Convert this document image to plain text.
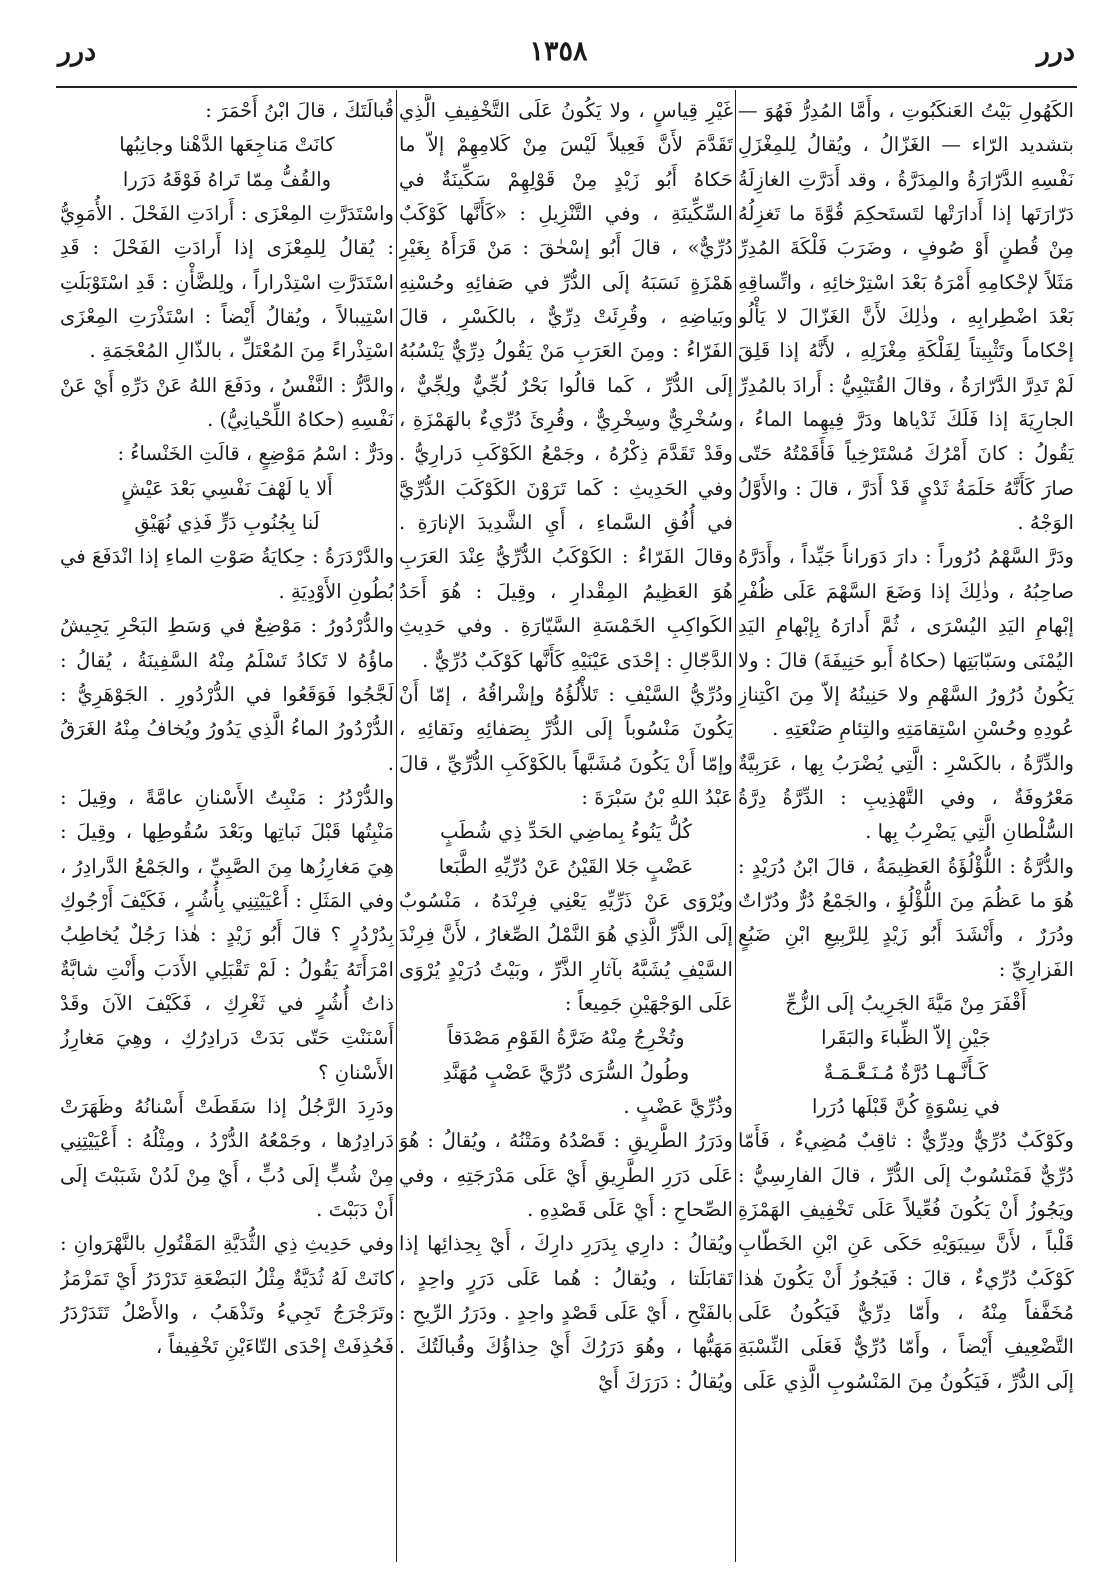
درر
١٣٥٨
درر

الكَهُولِ بَيْتُ العَنكَبُوتِ ، وأَمَّا المُدِرُّ فَهُوَ — بتشديد الرّاء — الغَزّالُ ، ويُقالُ لِلمِغْزَلِ نَفْسِهِ الدَّرّارَةُ والمِدَرَّةُ ، وقد أَدَرَّتِ الغازِلَةُ دَرّارَتَها إذا أَدارَتْها لتَستَحكِمَ قُوَّةَ ما تَغزِلُهُ مِنْ قُطنٍ أَوْ صُوفٍ ، وضَرَبَ فَلْكَةَ المُدِرِّ مَثَلاً لإحْكامِهِ أَمْرَهُ بَعْدَ اسْتِرْخائِهِ ، واتِّساقِهِ بَعْدَ اضْطِرابِهِ ، وذٰلِكَ لأَنَّ الغَزّالَ لا يَأْلُو إحْكاماً وتَثْبِيتاً لِفَلْكَةِ مِغْزَلِهِ ، لأَنَّهُ إذا قَلِقَ لَمْ تَدِرَّ الدَّرّارَةُ ، وقالَ القُتَيْبِيُّ : أَرادَ بالمُدِرِّ الجارِيَةَ إذا فَلَكَ ثَدْياها ودَرَّ فِيهِما الماءُ ، يَقُولُ : كانَ أَمْرُكَ مُسْتَرْخِياً فَأَقَمْتُهُ حَتّى صارَ كَأَنَّهُ حَلَمَةُ ثَدْيٍ قَدْ أَدَرَّ ، قالَ : والأَوَّلُ الوَجْهُ .

ودَرَّ السَّهْمُ دُرُوراً : دارَ دَوَراناً جَيِّداً ، وأَدَرَّهُ صاحِبُهُ ، وذٰلِكَ إذا وَضَعَ السَّهْمَ عَلَى ظُفْرِ إبْهامِ اليَدِ اليُسْرَى ، ثُمَّ أَدارَهُ بِإبْهامِ اليَدِ اليُمْنَى وسَبّابَتِها (حكاهُ أَبو حَنِيفَةَ) قالَ : ولا يَكُونُ دُرُورُ السَّهْمِ ولا حَنِينُهُ إلاّ مِنَ اكْتِنازِ عُودِهِ وحُسْنِ اسْتِقامَتِهِ والتِئامِ صَنْعَتِهِ .

والدِّرَّةُ ، بالكَسْرِ : الَّتِي يُضْرَبُ بِها ، عَرَبِيَّةٌ مَعْرُوفَةٌ ، وفي التَّهْذِيبِ : الدِّرَّةُ دِرَّةُ السُّلْطانِ الَّتِي يَضْرِبُ بِها .

والدُّرَّةُ : اللُّؤْلُؤَةُ العَظِيمَةُ ، قالَ ابْنُ دُرَيْدٍ : هُوَ ما عَظُمَ مِنَ اللُّؤْلُؤِ ، والجَمْعُ دُرٌّ ودُرّاتٌ ودُرَرٌ ، وأَنْشَدَ أَبُو زَيْدٍ لِلرَّبِيعِ ابْنِ ضَبُعٍ الفَزارِيِّ :

أَقْفَرَ مِنْ مَيَّةَ الجَرِيبُ إلَى الزُّجِّ

جَيْنِ إلاّ الظِّباءَ والبَقَرا

كَـأَنَّـهـا دُرَّةٌ مُـنَـعَّـمَـةٌ

في نِسْوَةٍ كُنَّ قَبْلَها دُرَرا

وكَوْكَبٌ دُرِّيٌّ ودِرِّيٌّ : ثاقِبٌ مُضِيءٌ ، فَأَمّا دُرِّيٌّ فَمَنْسُوبٌ إلَى الدُّرِّ ، قالَ الفارِسِيُّ : ويَجُوزُ أَنْ يَكُونَ فُعِّيلاً عَلَى تَخْفِيفِ الهَمْزَةِ قَلْباً ، لأَنَّ سِيبَوَيْهِ حَكَى عَنِ ابْنِ الخَطّابِ كَوْكَبٌ دُرِّيءٌ ، قالَ : فَيَجُوزُ أَنْ يَكُونَ هٰذا مُخَفَّفاً مِنْهُ ، وأَمّا دِرِّيٌّ فَيَكُونُ عَلَى التَّضْعِيفِ أَيْضاً ، وأَمّا دُرِّيٌّ فَعَلَى النِّسْبَةِ إلَى الدُّرِّ ، فَيَكُونُ مِنَ المَنْسُوبِ الَّذِي عَلَى

غَيْرِ قِياسٍ ، ولا يَكُونُ عَلَى التَّخْفِيفِ الَّذِي تَقَدَّمَ لأَنَّ فَعِيلاً لَيْسَ مِنْ كَلامِهِمْ إلاّ ما حَكاهُ أَبُو زَيْدٍ مِنْ قَوْلِهِمْ سَكِّينَةٌ في السِّكِّينَةِ ، وفي التَّنْزِيلِ : «كَأَنَّها كَوْكَبٌ دُرِّيٌّ» ، قالَ أَبُو إسْحٰقَ : مَنْ قَرَأَهُ بِغَيْرِ هَمْزَةٍ نَسَبَهُ إلَى الدُّرِّ في صَفائِهِ وحُسْنِهِ وبَياضِهِ ، وقُرِئَتْ دِرِّيٌّ ، بالكَسْرِ ، قالَ الفَرّاءُ : ومِنَ العَرَبِ مَنْ يَقُولُ دِرِّيٌّ يَنْسُبُهُ إلَى الدُّرِّ ، كَما قالُوا بَحْرٌ لُجِّيٌّ ولِجِّيٌّ ، وسُخْرِيٌّ وسِخْرِيٌّ ، وقُرِئَ دُرِّيءٌ بالهَمْزَةِ ، وقَدْ تَقَدَّمَ ذِكْرُهُ ، وجَمْعُ الكَوْكَبِ دَرارِيُّ . وفي الحَدِيثِ : كَما تَرَوْنَ الكَوْكَبَ الدُّرِّيَّ في أُفُقِ السَّماءِ ، أَيِ الشَّدِيدَ الإنارَةِ . وقالَ الفَرّاءُ : الكَوْكَبُ الدُّرِّيُّ عِنْدَ العَرَبِ هُوَ العَظِيمُ المِقْدارِ ، وقِيلَ : هُوَ أَحَدُ الكَواكِبِ الخَمْسَةِ السَّيّارَةِ . وفي حَدِيثِ الدَّجّالِ : إحْدَى عَيْنَيْهِ كَأَنَّها كَوْكَبٌ دُرِّيٌّ .

ودُرِّيُّ السَّيْفِ : تَلأْلُؤُهُ وإشْراقُهُ ، إمّا أَنْ يَكُونَ مَنْسُوباً إلَى الدُّرِّ بِصَفائِهِ ونَقائِهِ ، وإمّا أَنْ يَكُونَ مُشَبَّهاً بالكَوْكَبِ الدُّرِّيِّ ، قالَ عَبْدُ اللهِ بْنُ سَبْرَةَ :

كُلُّ يَنُوءُ بِماضِي الحَدِّ ذِي شُطَبٍ

عَضْبٍ جَلا القَيْنُ عَنْ دُرِّيِّهِ الطَّبَعا

ويُرْوَى عَنْ ذَرِّيِّهِ يَعْنِي فِرِنْدَهُ ، مَنْسُوبٌ إلَى الذَّرِّ الَّذِي هُوَ النَّمْلُ الصِّغارُ ، لأَنَّ فِرِنْدَ السَّيْفِ يُشَبَّهُ بآثارِ الذَّرِّ ، وبَيْتُ دُرَيْدٍ يُرْوَى عَلَى الوَجْهَيْنِ جَمِيعاً :

وتُخْرِجُ مِنْهُ ضَرَّةُ القَوْمِ مَصْدَقاً

وطُولُ السُّرَى دُرِّيَّ عَضْبٍ مُهَنَّدِ

وذُرِّيَّ عَضْبٍ .

ودَرَرُ الطَّرِيقِ : قَصْدُهُ ومَتْنُهُ ، ويُقالُ : هُوَ عَلَى دَرَرِ الطَّرِيقِ أَيْ عَلَى مَدْرَجَتِهِ ، وفي الصِّحاحِ : أَيْ عَلَى قَصْدِهِ .

ويُقالُ : دارِي بِدَرَرِ دارِكَ ، أَيْ بِحِذائِها إذا تَقابَلَتا ، ويُقالُ : هُما عَلَى دَرَرٍ واحِدٍ ، بالفَتْحِ ، أَيْ عَلَى قَصْدٍ واحِدٍ . ودَرَرُ الرِّيحِ : مَهَبُّها ، وهُوَ دَرَرُكَ أَيْ حِذاؤُكَ وقُبالَتُكَ . ويُقالُ : دَرَرَكَ أَيْ

قُبالَتَكَ ، قالَ ابْنُ أَحْمَرَ :

كانَتْ مَناجِعَها الدَّهْنا وجانِبُها

والقُفُّ مِمّا تَراهُ فَوْقَهُ دَرَرا

واسْتَدَرَّتِ المِعْزَى : أَرادَتِ الفَحْلَ . الأُمَوِيُّ : يُقالُ لِلمِعْزَى إذا أَرادَتِ الفَحْلَ : قَدِ اسْتَدَرَّتِ اسْتِدْراراً ، ولِلضَّأْنِ : قَدِ اسْتَوْبَلَتِ اسْتِيبالاً ، ويُقالُ أَيْضاً : اسْتَذْرَتِ المِعْزَى اسْتِذْراءً مِنَ المُعْتَلِّ ، بالذّالِ المُعْجَمَةِ .

والدَّرُّ : النَّفْسُ ، ودَفَعَ اللهُ عَنْ دَرِّهِ أَيْ عَنْ نَفْسِهِ (حكاهُ اللِّحْيانِيُّ) .

ودَرٌّ : اسْمُ مَوْضِعٍ ، قالَتِ الخَنْساءُ :

أَلا يا لَهْفَ نَفْسِي بَعْدَ عَيْشٍ

لَنا بِجُنُوبِ دَرٍّ فَذِي نُهَيْقِ

والدَّرْدَرَةُ : حِكايَةُ صَوْتِ الماءِ إذا انْدَفَعَ في بُطُونِ الأَوْدِيَةِ .

والدُّرْدُورُ : مَوْضِعٌ في وَسَطِ البَحْرِ يَجِيشُ ماؤُهُ لا تَكادُ تَسْلَمُ مِنْهُ السَّفِينَةُ ، يُقالُ : لَجَّجُوا فَوَقَعُوا في الدُّرْدُورِ . الجَوْهَرِيُّ : الدُّرْدُورُ الماءُ الَّذِي يَدُورُ ويُخافُ مِنْهُ الغَرَقُ .

والدُّرْدُرُ : مَنْبِتُ الأَسْنانِ عامَّةً ، وقِيلَ : مَنْبِتُها قَبْلَ نَباتِها وبَعْدَ سُقُوطِها ، وقِيلَ : هِيَ مَغارِزُها مِنَ الصَّبِيِّ ، والجَمْعُ الدَّرادِرُ ، وفي المَثَلِ : أَعْيَيْتِنِي بِأُشُرٍ ، فَكَيْفَ أَرْجُوكِ بِدُرْدُرٍ ؟ قالَ أَبُو زَيْدٍ : هٰذا رَجُلٌ يُخاطِبُ امْرَأَتَهُ يَقُولُ : لَمْ تَقْبَلِي الأَدَبَ وأَنْتِ شابَّةٌ ذاتُ أُشُرٍ في ثَغْرِكِ ، فَكَيْفَ الآنَ وقَدْ أَسْنَنْتِ حَتّى بَدَتْ دَرادِرُكِ ، وهِيَ مَغارِزُ الأَسْنانِ ؟

ودَرِدَ الرَّجُلُ إذا سَقَطَتْ أَسْنانُهُ وظَهَرَتْ دَرادِرُها ، وجَمْعُهُ الدُّرْدُ ، ومِثْلُهُ : أَعْيَيْتِنِي مِنْ شُبٍّ إلَى دُبٍّ ، أَيْ مِنْ لَدُنْ شَبَبْتَ إلَى أَنْ دَبَبْتَ .

وفي حَدِيثِ ذِي الثُّدَيَّةِ المَقْتُولِ بالنَّهْرَوانِ : كانَتْ لَهُ ثُدَيَّةٌ مِثْلُ البَضْعَةِ تَدَرْدَرُ أَيْ تَمَزْمَزُ وتَرَجْرَجُ تَجِيءُ وتَذْهَبُ ، والأَصْلُ تَتَدَرْدَرُ فَحُذِفَتْ إحْدَى التّاءَيْنِ تَخْفِيفاً ،
